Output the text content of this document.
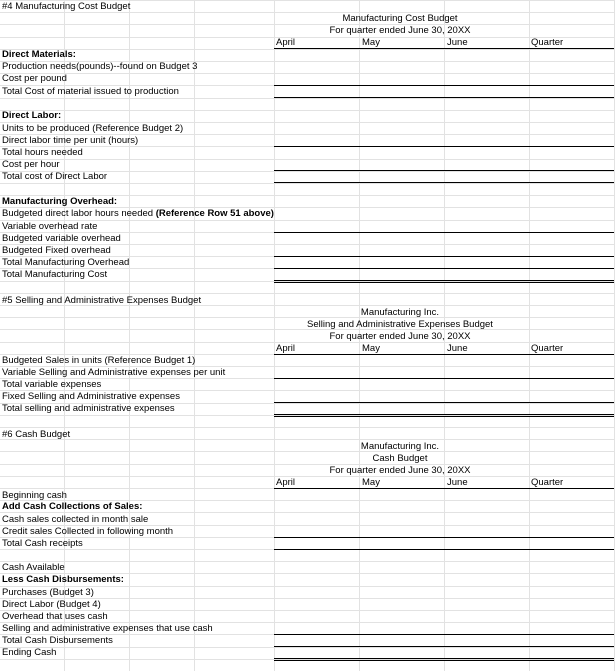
#4 Manufacturing Cost Budget
Manufacturing Cost Budget
For quarter ended June 30, 20XX
April	May	June	Quarter
Direct Materials:
Production needs(pounds)--found on Budget 3
Cost per pound
Total Cost of material issued to production
Direct Labor:
Units to be produced (Reference Budget 2)
Direct labor time per unit (hours)
Total hours needed
Cost per hour
Total cost of Direct Labor
Manufacturing Overhead:
Budgeted direct labor hours needed (Reference Row 51 above)
Variable overhead rate
Budgeted variable overhead
Budgeted Fixed overhead
Total Manufacturing Overhead
Total Manufacturing Cost
#5 Selling and Administrative Expenses Budget
Manufacturing Inc.
Selling and Administrative Expenses Budget
For quarter ended June 30, 20XX
April	May	June	Quarter
Budgeted Sales in units (Reference Budget 1)
Variable Selling and Administrative expenses per unit
Total variable expenses
Fixed Selling and Administrative expenses
Total selling and administrative expenses
#6 Cash Budget
Manufacturing Inc.
Cash Budget
For quarter ended June 30, 20XX
April	May	June	Quarter
Beginning cash
Add Cash Collections of Sales:
Cash sales collected in month sale
Credit sales Collected in following month
Total Cash receipts
Cash Available
Less Cash Disbursements:
Purchases (Budget 3)
Direct Labor (Budget 4)
Overhead that uses cash
Selling and administrative expenses that use cash
Total Cash Disbursements
Ending Cash
